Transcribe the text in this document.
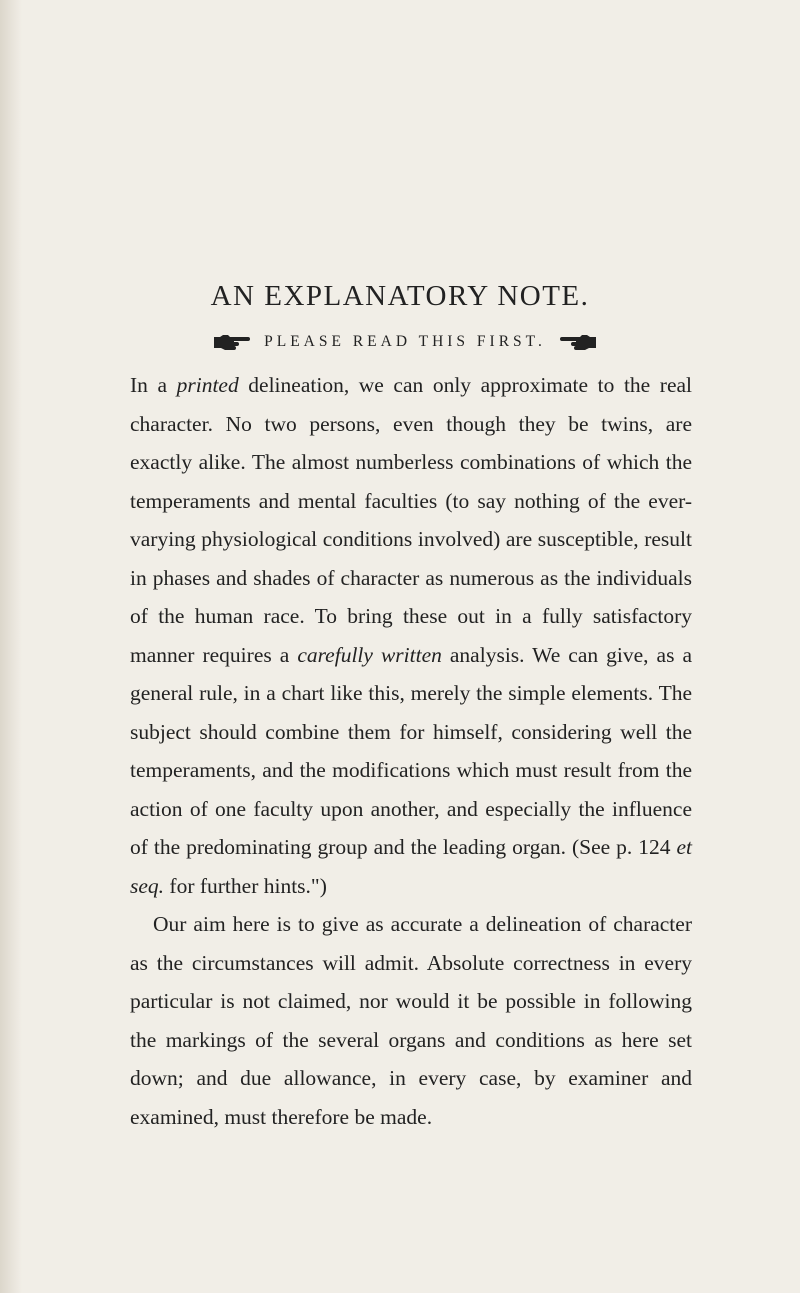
AN EXPLANATORY NOTE.
PLEASE READ THIS FIRST.

In a printed delineation, we can only approximate to the real character. No two persons, even though they be twins, are exactly alike. The almost numberless combinations of which the temperaments and mental faculties (to say nothing of the ever-varying physiological conditions involved) are susceptible, result in phases and shades of character as numerous as the individuals of the human race. To bring these out in a fully satisfactory manner requires a carefully written analysis. We can give, as a general rule, in a chart like this, merely the simple elements. The subject should combine them for himself, considering well the temperaments, and the modifications which must result from the action of one faculty upon another, and especially the influence of the predominating group and the leading organ. (See p. 124 et seq. for further hints.")

Our aim here is to give as accurate a delineation of character as the circumstances will admit. Absolute correctness in every particular is not claimed, nor would it be possible in following the markings of the several organs and conditions as here set down; and due allowance, in every case, by examiner and examined, must therefore be made.
